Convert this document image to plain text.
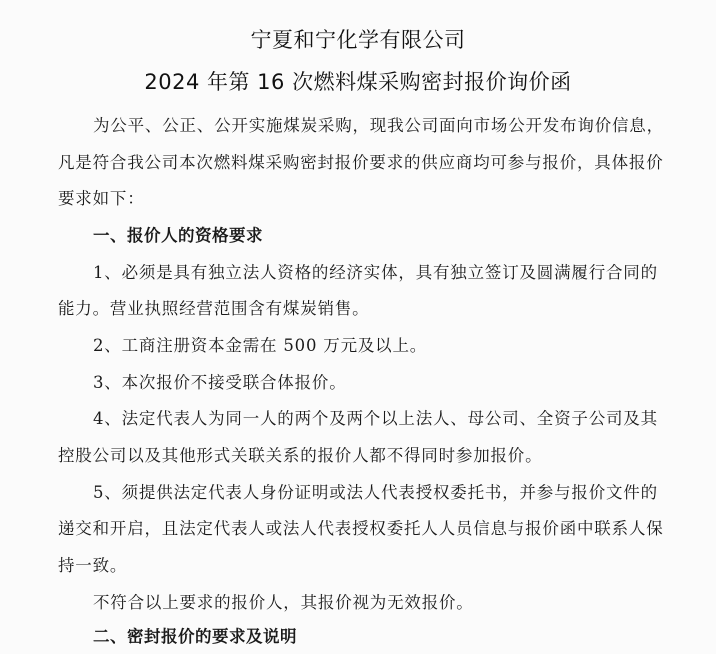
宁夏和宁化学有限公司
2024 年第 16 次燃料煤采购密封报价询价函
为公平、公正、公开实施煤炭采购，现我公司面向市场公开发布询价信息，
凡是符合我公司本次燃料煤采购密封报价要求的供应商均可参与报价，具体报价
要求如下：
一、报价人的资格要求
1、必须是具有独立法人资格的经济实体，具有独立签订及圆满履行合同的
能力。营业执照经营范围含有煤炭销售。
2、工商注册资本金需在 500 万元及以上。
3、本次报价不接受联合体报价。
4、法定代表人为同一人的两个及两个以上法人、母公司、全资子公司及其
控股公司以及其他形式关联关系的报价人都不得同时参加报价。
5、须提供法定代表人身份证明或法人代表授权委托书，并参与报价文件的
递交和开启，且法定代表人或法人代表授权委托人人员信息与报价函中联系人保
持一致。
不符合以上要求的报价人，其报价视为无效报价。
二、密封报价的要求及说明
